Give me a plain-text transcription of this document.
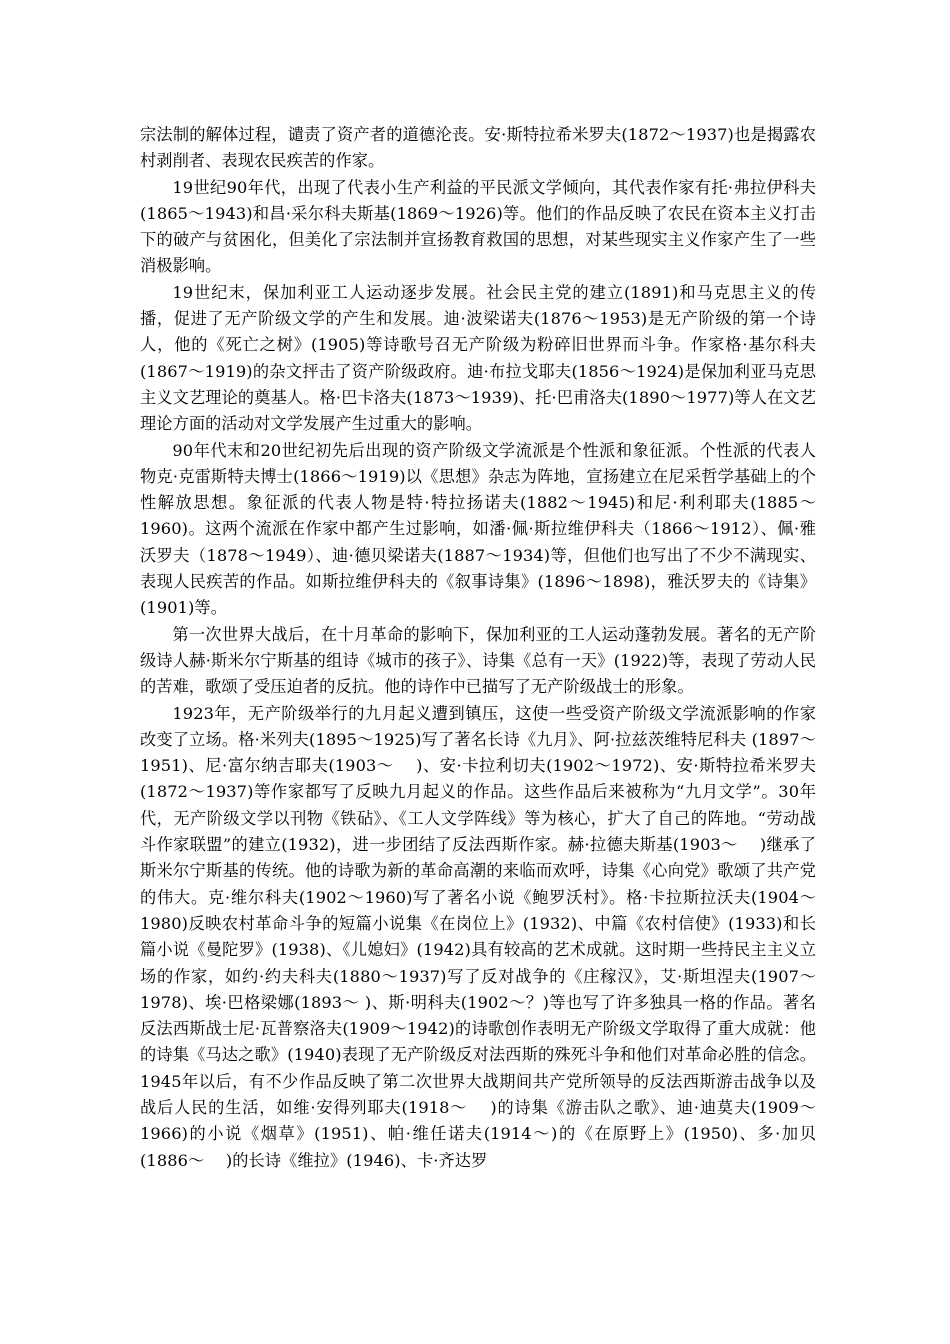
宗法制的解体过程，谴责了资产者的道德沦丧。安·斯特拉希米罗夫(1872～1937)也是揭露农村剥削者、表现农民疾苦的作家。

19世纪90年代，出现了代表小生产利益的平民派文学倾向，其代表作家有托·弗拉伊科夫(1865～1943)和昌·采尔科夫斯基(1869～1926)等。他们的作品反映了农民在资本主义打击下的破产与贫困化，但美化了宗法制并宣扬教育救国的思想，对某些现实主义作家产生了一些消极影响。

19世纪末，保加利亚工人运动逐步发展。社会民主党的建立(1891)和马克思主义的传播，促进了无产阶级文学的产生和发展。迪·波梁诺夫(1876～1953)是无产阶级的第一个诗人，他的《死亡之树》(1905)等诗歌号召无产阶级为粉碎旧世界而斗争。作家格·基尔科夫(1867～1919)的杂文抨击了资产阶级政府。迪·布拉戈耶夫(1856～1924)是保加利亚马克思主义文艺理论的奠基人。格·巴卡洛夫(1873～1939)、托·巴甫洛夫(1890～1977)等人在文艺理论方面的活动对文学发展产生过重大的影响。

90年代末和20世纪初先后出现的资产阶级文学流派是个性派和象征派。个性派的代表人物克·克雷斯特夫博士(1866～1919)以《思想》杂志为阵地，宣扬建立在尼采哲学基础上的个性解放思想。象征派的代表人物是特·特拉扬诺夫(1882～1945)和尼·利利耶夫(1885～1960)。这两个流派在作家中都产生过影响，如潘·佩·斯拉维伊科夫（1866～1912）、佩·雅沃罗夫（1878～1949）、迪·德贝梁诺夫(1887～1934)等，但他们也写出了不少不满现实、表现人民疾苦的作品。如斯拉维伊科夫的《叙事诗集》(1896～1898)，雅沃罗夫的《诗集》(1901)等。

第一次世界大战后，在十月革命的影响下，保加利亚的工人运动蓬勃发展。著名的无产阶级诗人赫·斯米尔宁斯基的组诗《城市的孩子》、诗集《总有一天》(1922)等，表现了劳动人民的苦难，歌颂了受压迫者的反抗。他的诗作中已描写了无产阶级战士的形象。

1923年，无产阶级举行的九月起义遭到镇压，这使一些受资产阶级文学流派影响的作家改变了立场。格·米列夫(1895～1925)写了著名长诗《九月》、阿·拉兹茨维特尼科夫 (1897～1951)、尼·富尔纳吉耶夫(1903～　 )、安·卡拉利切夫(1902～1972)、安·斯特拉希米罗夫(1872～1937)等作家都写了反映九月起义的作品。这些作品后来被称为“九月文学”。30年代，无产阶级文学以刊物《铁砧》、《工人文学阵线》等为核心，扩大了自己的阵地。“劳动战斗作家联盟”的建立(1932)，进一步团结了反法西斯作家。赫·拉德夫斯基(1903～　 )继承了斯米尔宁斯基的传统。他的诗歌为新的革命高潮的来临而欢呼，诗集《心向党》歌颂了共产党的伟大。克·维尔科夫(1902～1960)写了著名小说《鲍罗沃村》。格·卡拉斯拉沃夫(1904～1980)反映农村革命斗争的短篇小说集《在岗位上》(1932)、中篇《农村信使》(1933)和长篇小说《曼陀罗》(1938)、《儿媳妇》(1942)具有较高的艺术成就。这时期一些持民主主义立场的作家，如约·约夫科夫(1880～1937)写了反对战争的《庄稼汉》，艾·斯坦涅夫(1907～1978)、埃·巴格梁娜(1893～ )、斯·明科夫(1902～？)等也写了许多独具一格的作品。著名反法西斯战士尼·瓦普察洛夫(1909～1942)的诗歌创作表明无产阶级文学取得了重大成就：他的诗集《马达之歌》(1940)表现了无产阶级反对法西斯的殊死斗争和他们对革命必胜的信念。1945年以后，有不少作品反映了第二次世界大战期间共产党所领导的反法西斯游击战争以及战后人民的生活，如维·安得列耶夫(1918～　 )的诗集《游击队之歌》、迪·迪莫夫(1909～1966)的小说《烟草》(1951)、帕·维任诺夫(1914～)的《在原野上》(1950)、多·加贝(1886～　 )的长诗《维拉》(1946)、卡·齐达罗
